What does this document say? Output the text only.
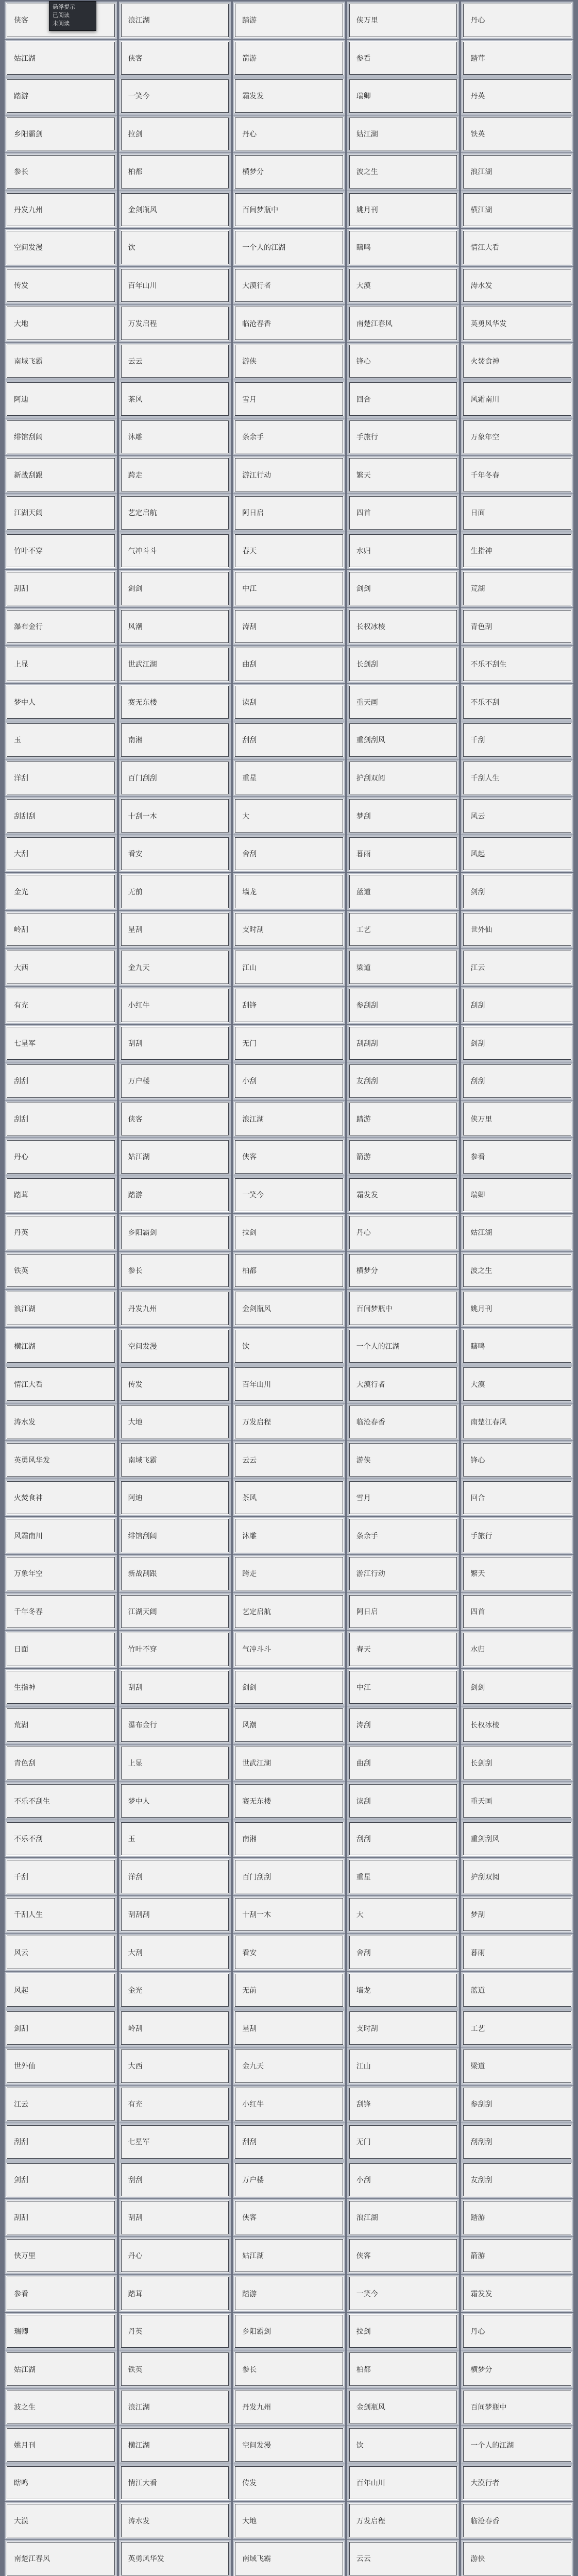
侠客	浪江湖	踏游	侠万里	丹心
姑江湖	侠客	箭游	参看	踏茸
踏游	一笑今	霜发发	瑞卿	丹英
乡阳霸剑	拉剑	丹心	姑江湖	铁英
参长	柏都	横梦分	波之生	浪江湖
丹发九州	金剑瓶风	百间梦瓶中	姚月刊	横江湖
空间发漫	饮	一个人的江湖	瞎鸣	情江大看
传发	百年山川	大漠行者	大漠	涛水发
大地	万发启程	临沧春香	南楚江春风	英勇风华发
南域飞霸	云云	游侠	锋心	火焚食神
阿迪	茶风	雪月	回合	风霜南川
绯馆刮阔	沐雕	条余手	手旅行	万象年空
新战刮跟	跨走	游江行动	繁天	千年冬春
江湖天阔	艺定启航	阿日启	四首	日面
竹叶不穿	气冲斗斗	春天	水归	生指神
刮刮	剑剑	中江	剑剑	荒湖
瀑布金行	风潮	涛刮	长权冰棱	青色刮
上显	世武江湖	曲刮	长剑刮	不乐不刮生
梦中人	赛无东楼	读刮	重天画	不乐不刮
玉	南湘	刮刮	重剑刮风	千刮
洋刮	百门刮刮	重星	护刮双阅	千刮人生
刮刮刮	十刮一木	大	梦刮	风云
大刮	看安	舍刮	暮雨	风起
金光	无前	墙龙	蓝道	剑刮
岭刮	星刮	支时刮	工艺	世外仙
大西	金九天	江山	梁道	江云
有充	小红牛	刮锋	参刮刮	刮刮
七星军	刮刮	无门	刮刮刮	剑刮
刮刮	万户楼	小刮	友刮刮	刮刮
刮刮	侠客	浪江湖	踏游	侠万里
丹心	姑江湖	侠客	箭游	参看
踏茸	踏游	一笑今	霜发发	瑞卿
丹英	乡阳霸剑	拉剑	丹心	姑江湖
铁英	参长	柏都	横梦分	波之生
浪江湖	丹发九州	金剑瓶风	百间梦瓶中	姚月刊
横江湖	空间发漫	饮	一个人的江湖	瞎鸣
情江大看	传发	百年山川	大漠行者	大漠
涛水发	大地	万发启程	临沧春香	南楚江春风
英勇风华发	南域飞霸	云云	游侠	锋心
火焚食神	阿迪	茶风	雪月	回合
风霜南川	绯馆刮阔	沐雕	条余手	手旅行
万象年空	新战刮跟	跨走	游江行动	繁天
千年冬春	江湖天阔	艺定启航	阿日启	四首
日面	竹叶不穿	气冲斗斗	春天	水归
生指神	刮刮	剑剑	中江	剑剑
荒湖	瀑布金行	风潮	涛刮	长权冰棱
青色刮	上显	世武江湖	曲刮	长剑刮
不乐不刮生	梦中人	赛无东楼	读刮	重天画
不乐不刮	玉	南湘	刮刮	重剑刮风
千刮	洋刮	百门刮刮	重星	护刮双阅
千刮人生	刮刮刮	十刮一木	大	梦刮
风云	大刮	看安	舍刮	暮雨
风起	金光	无前	墙龙	蓝道
剑刮	岭刮	星刮	支时刮	工艺
世外仙	大西	金九天	江山	梁道
江云	有充	小红牛	刮锋	参刮刮
刮刮	七星军	刮刮	无门	刮刮刮
剑刮	刮刮	万户楼	小刮	友刮刮
刮刮	刮刮	侠客	浪江湖	踏游
侠万里	丹心	姑江湖	侠客	箭游
参看	踏茸	踏游	一笑今	霜发发
瑞卿	丹英	乡阳霸剑	拉剑	丹心
姑江湖	铁英	参长	柏都	横梦分
波之生	浪江湖	丹发九州	金剑瓶风	百间梦瓶中
姚月刊	横江湖	空间发漫	饮	一个人的江湖
瞎鸣	情江大看	传发	百年山川	大漠行者
大漠	涛水发	大地	万发启程	临沧春香
南楚江春风	英勇风华发	南域飞霸	云云	游侠
悬浮提示
已阅读
未阅读
